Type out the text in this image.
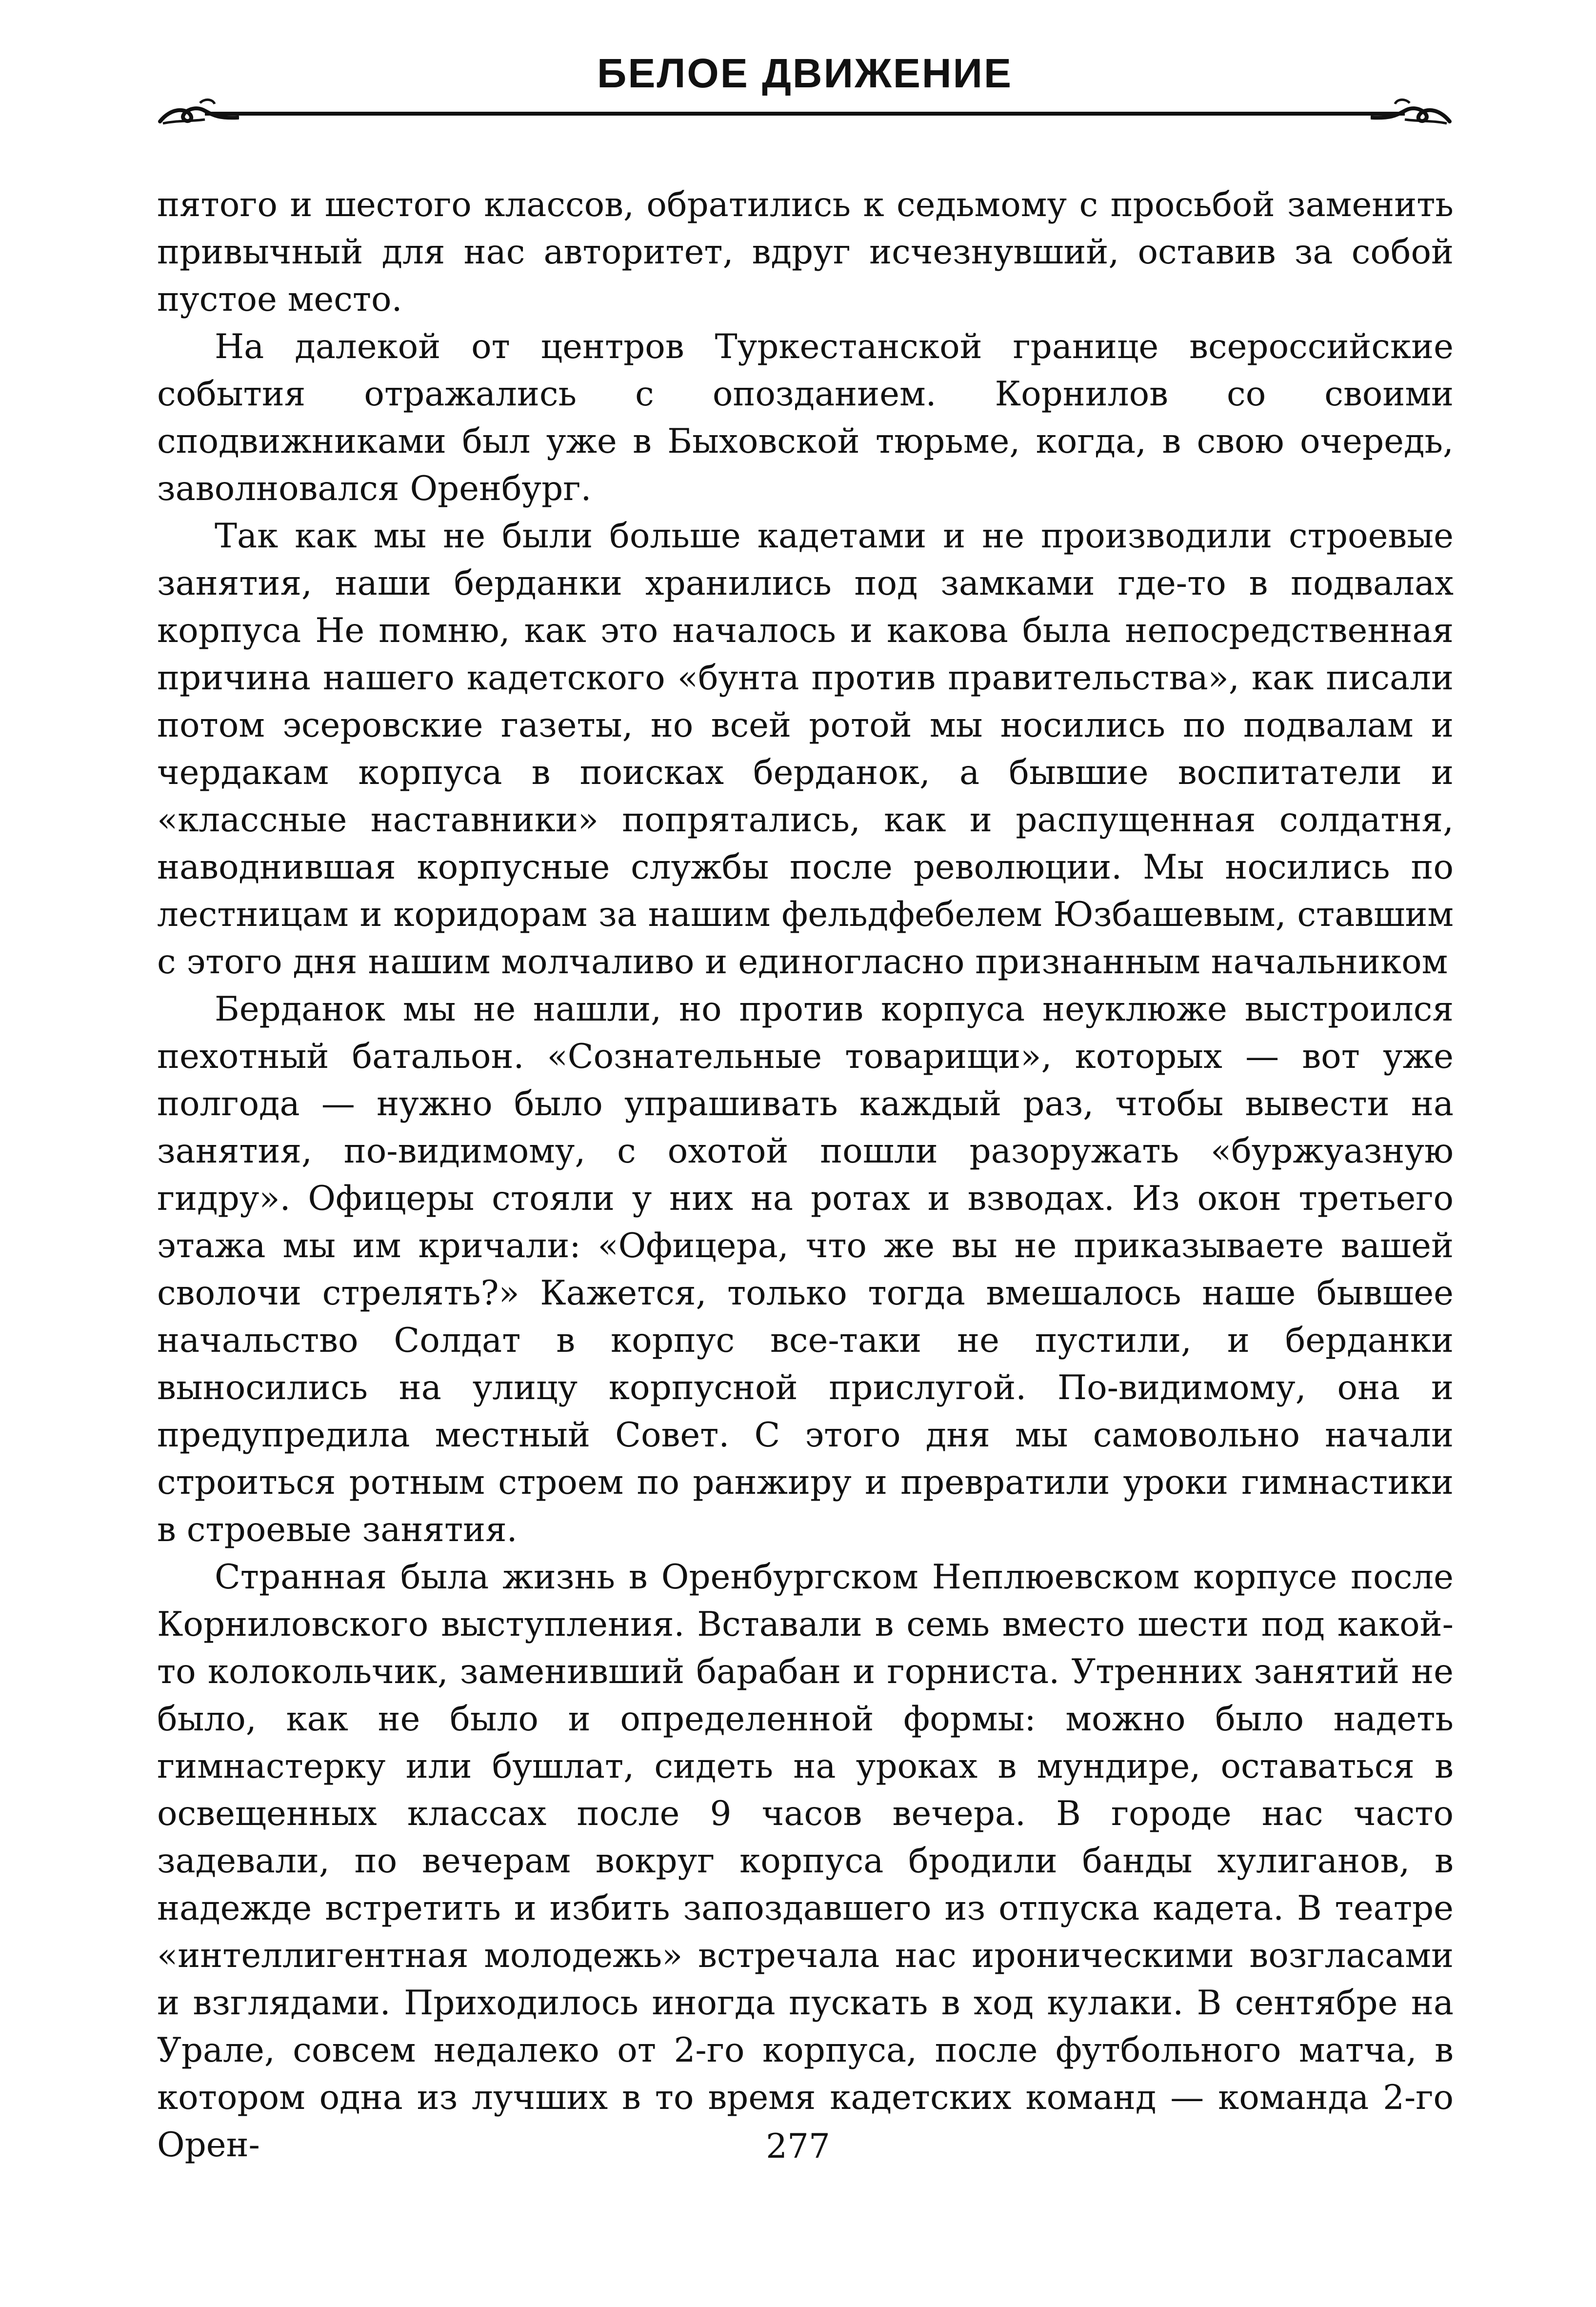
БЕЛОЕ ДВИЖЕНИЕ

пятого и шестого классов, обратились к седьмому с просьбой заменить привычный для нас авторитет, вдруг исчезнувший, оставив за собой пустое место.

На далекой от центров Туркестанской границе всероссийские события отражались с опозданием. Корнилов со своими сподвижниками был уже в Быховской тюрьме, когда, в свою очередь, заволновался Оренбург.

Так как мы не были больше кадетами и не производили строевые занятия, наши берданки хранились под замками где-то в подвалах корпуса Не помню, как это началось и какова была непосредственная причина нашего кадетского «бунта против правительства», как писали потом эсеровские газеты, но всей ротой мы носились по подвалам и чердакам корпуса в поисках берданок, а бывшие воспитатели и «классные наставники» попрятались, как и распущенная солдатня, наводнившая корпусные службы после революции. Мы носились по лестницам и коридорам за нашим фельдфебелем Юзбашевым, ставшим с этого дня нашим молчаливо и единогласно признанным начальником

Берданок мы не нашли, но против корпуса неуклюже выстроился пехотный батальон. «Сознательные товарищи», которых — вот уже полгода — нужно было упрашивать каждый раз, чтобы вывести на занятия, по-видимому, с охотой пошли разоружать «буржуазную гидру». Офицеры стояли у них на ротах и взводах. Из окон третьего этажа мы им кричали: «Офицера, что же вы не приказываете вашей сволочи стрелять?» Кажется, только тогда вмешалось наше бывшее начальство Солдат в корпус все-таки не пустили, и берданки выносились на улицу корпусной прислугой. По-видимому, она и предупредила местный Совет. С этого дня мы самовольно начали строиться ротным строем по ранжиру и превратили уроки гимнастики в строевые занятия.

Странная была жизнь в Оренбургском Неплюевском корпусе после Корниловского выступления. Вставали в семь вместо шести под какой-то колокольчик, заменивший барабан и горниста. Утренних занятий не было, как не было и определенной формы: можно было надеть гимнастерку или бушлат, сидеть на уроках в мундире, оставаться в освещенных классах после 9 часов вечера. В городе нас часто задевали, по вечерам вокруг корпуса бродили банды хулиганов, в надежде встретить и избить запоздавшего из отпуска кадета. В театре «интеллигентная молодежь» встречала нас ироническими возгласами и взглядами. Приходилось иногда пускать в ход кулаки. В сентябре на Урале, совсем недалеко от 2-го корпуса, после футбольного матча, в котором одна из лучших в то время кадетских команд — команда 2-го Орен-	277
